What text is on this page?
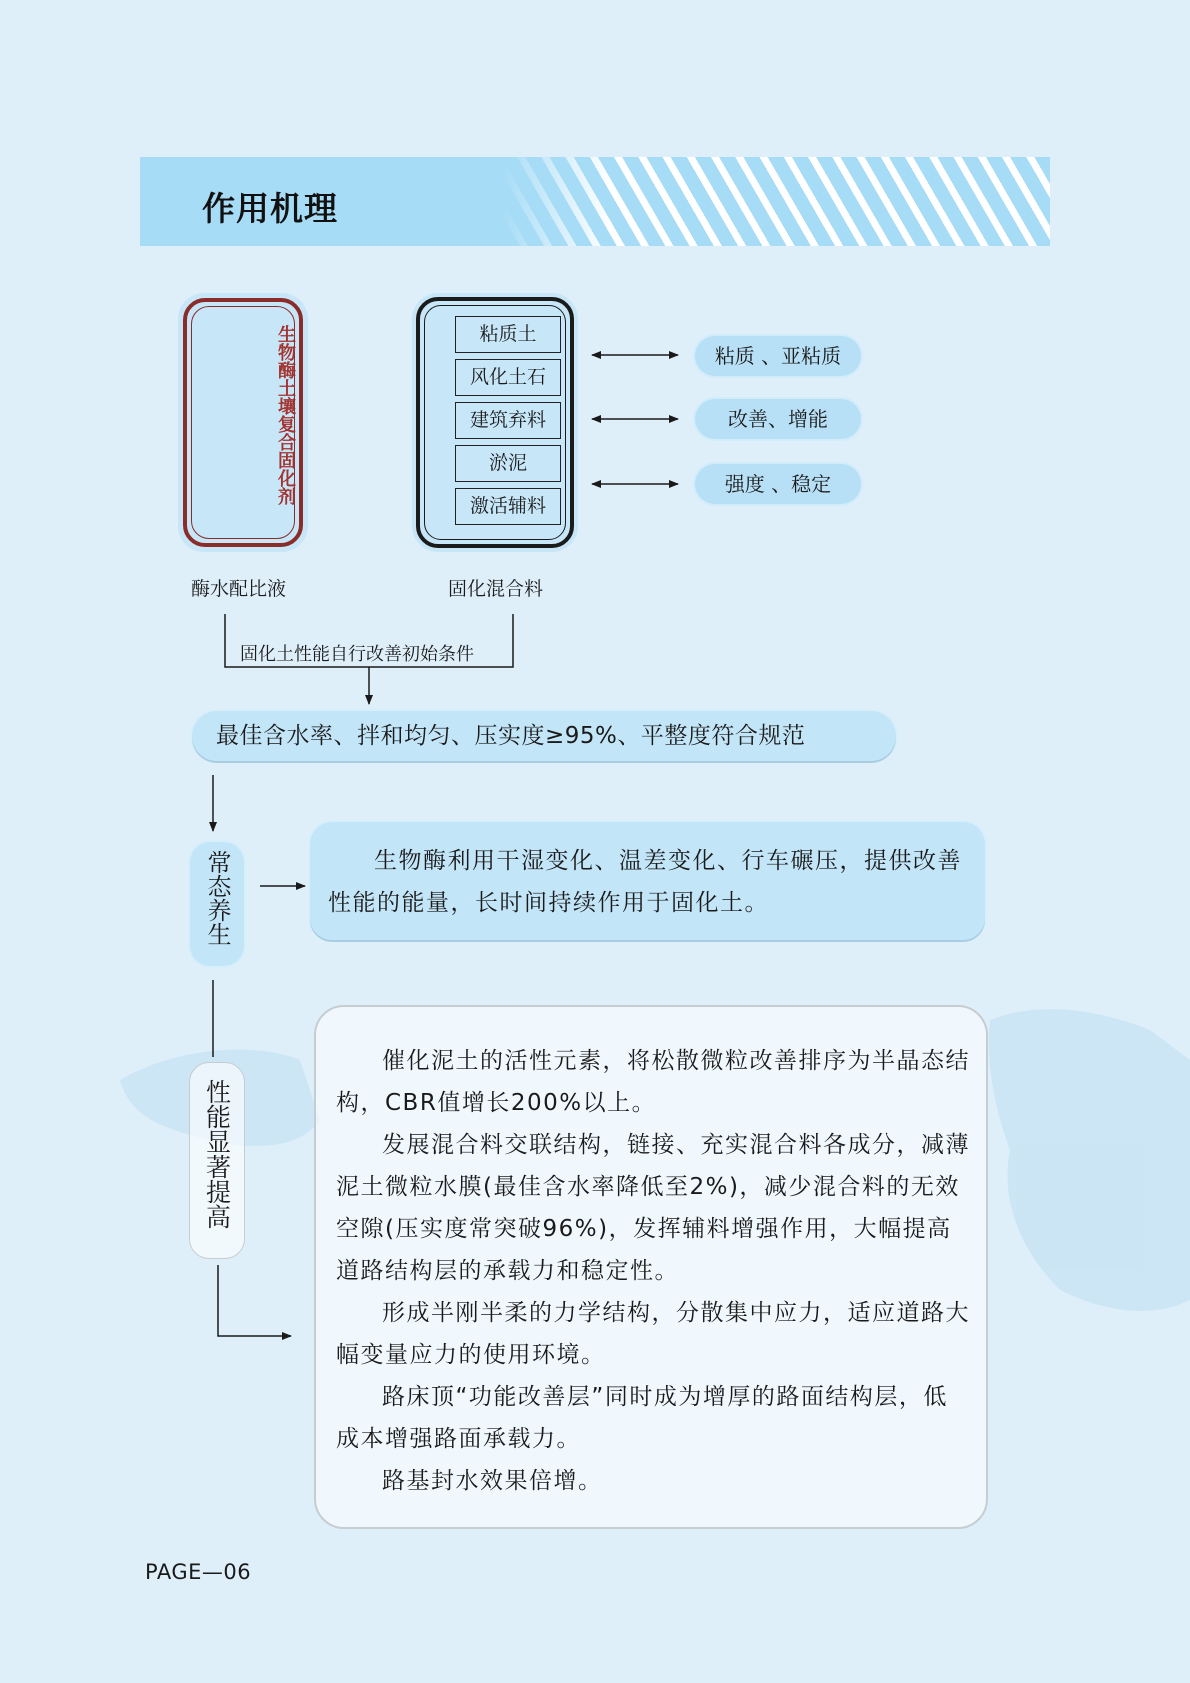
作用机理
生物酶土壤复合固化剂
酶水配比液
粘质土
风化土石
建筑弃料
淤泥
激活辅料
固化混合料
粘质 、亚粘质
改善、增能
强度 、稳定
固化土性能自行改善初始条件
最佳含水率、拌和均匀、压实度≥95%、平整度符合规范
常态养生	生物酶利用干湿变化、温差变化、行车碾压，提供改善性能的能量，长时间持续作用于固化土。

性能显著提高

催化泥土的活性元素，将松散微粒改善排序为半晶态结构，CBR值增长200%以上。

发展混合料交联结构，链接、充实混合料各成分，减薄泥土微粒水膜(最佳含水率降低至2%)，减少混合料的无效空隙(压实度常突破96%)，发挥辅料增强作用，大幅提高道路结构层的承载力和稳定性。

形成半刚半柔的力学结构，分散集中应力，适应道路大幅变量应力的使用环境。

路床顶“功能改善层”同时成为增厚的路面结构层，低成本增强路面承载力。

路基封水效果倍增。

PAGE—06
